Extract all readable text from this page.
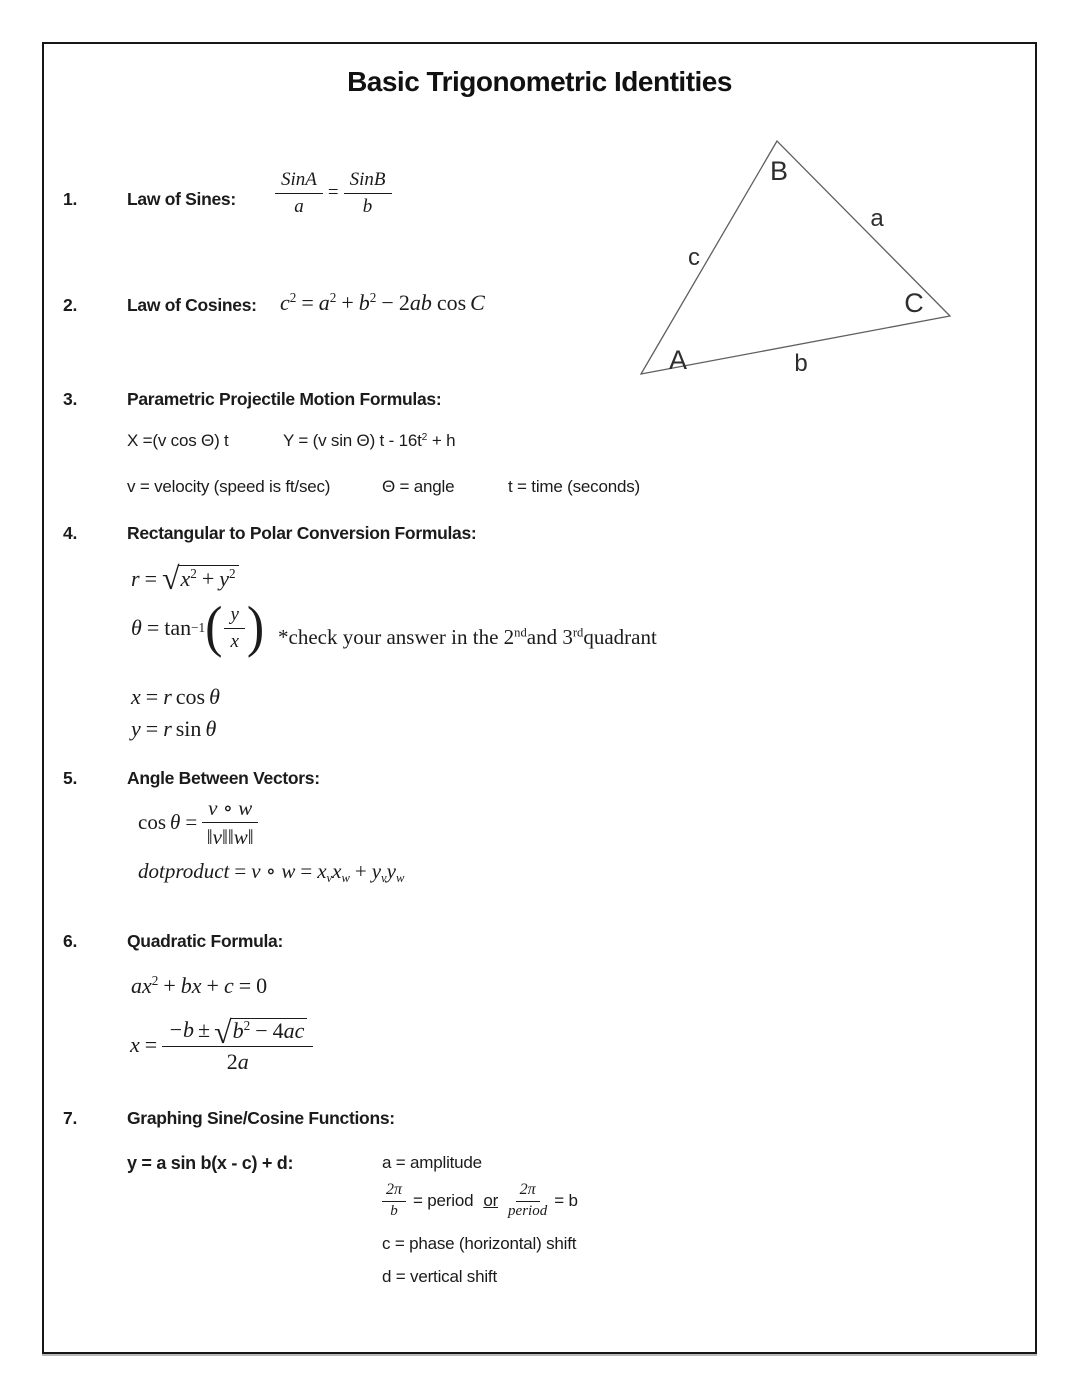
Basic Trigonometric Identities
B
a
c
C
A	b
1.	Law of Sines: $\frac{\text{SinA}}{a} = \frac{\text{SinB}}{b}$
2.	Law of Cosines: $c^2 = a^2 + b^2 - 2ab$ cos C
3.	Parametric Projectile Motion Formulas:
X =(v cos Θ) t	Y = (v sin Θ) $t - 16t^2 + h$
v = velocity (speed is ft/sec)	Θ = angle	t = time (seconds)
4.	Rectangular to Polar Conversion Formulas:
$r = √x^2 + y^2$
θ = tan −1 ( $\frac{y}{x}$ ) *check your answer in the 2ndand 3rdquadrant
x = r cos θ
y = r sin θ
5.	Angle Between Vectors:
$\cos \theta = \frac{v \circ w}{‖v‖‖w‖}$
dotproduct = v ∘ $w = x_vx_w + y_vy_w$
6.	Quadratic Formula:
$ax^2$ + bx + c = 0
$x = \frac{-b \pm √ b^2 - 4ac}{2a}$
7.	Graphing Sine/Cosine Functions:
y = a sin b(x - c) + d:	a = amplitude
$\frac{2\pi}{b}$ = period or $\frac{2\pi}{\text{period}} = b$
c = phase (horizontal) shift
d = vertical shift
